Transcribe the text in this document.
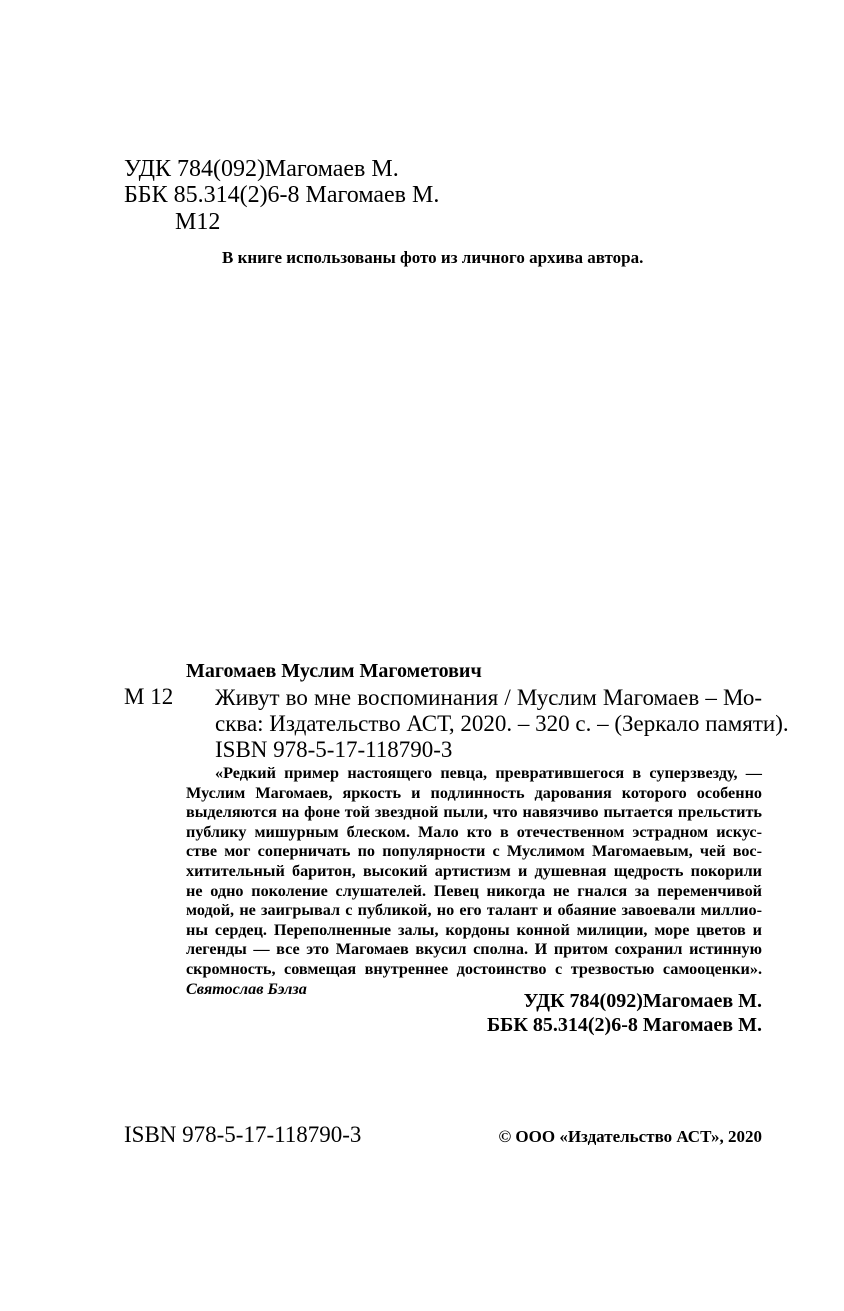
УДК 784(092)Магомаев М.
ББК 85.314(2)6-8 Магомаев М.
М12
В книге использованы фото из личного архива автора.
Магомаев Муслим Магометович
М 12 Живут во мне воспоминания / Муслим Магомаев – Мо-
сква: Издательство АСТ, 2020. – 320 с. – (Зеркало памяти).
ISBN 978-5-17-118790-3
«Редкий пример настоящего певца, превратившегося в суперзвезду, —
Муслим Магомаев, яркость и подлинность дарования которого особенно
выделяются на фоне той звездной пыли, что навязчиво пытается прельстить
публику мишурным блеском. Мало кто в отечественном эстрадном искус-
стве мог соперничать по популярности с Муслимом Магомаевым, чей вос-
хитительный баритон, высокий артистизм и душевная щедрость покорили
не одно поколение слушателей. Певец никогда не гнался за переменчивой
модой, не заигрывал с публикой, но его талант и обаяние завоевали миллио-
ны сердец. Переполненные залы, кордоны конной милиции, море цветов и
легенды — все это Магомаев вкусил сполна. И притом сохранил истинную
скромность, совмещая внутреннее достоинство с трезвостью самооценки».
Святослав Бэлза
УДК 784(092)Магомаев М.
ББК 85.314(2)6-8 Магомаев М.
ISBN 978-5-17-118790-3	© ООО «Издательство АСТ», 2020
